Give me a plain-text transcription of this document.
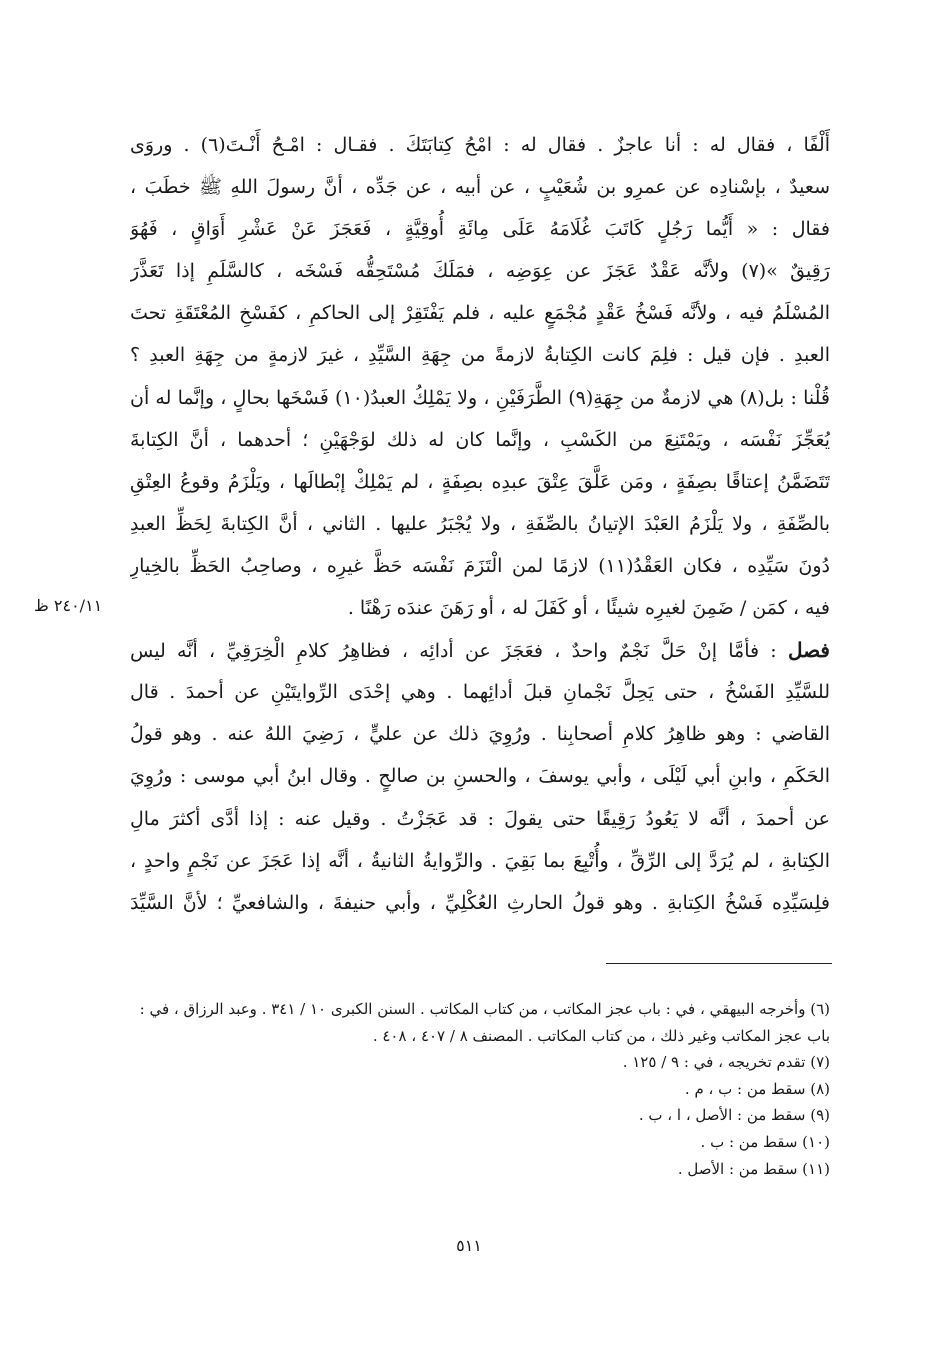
أَلْفًا ، فقال له : أنا عاجزٌ . فقال له : امْحُ كِتابَتَكَ . فقـال : امْـحُ أَنْـتَ(٦) . وروَى
سعيدٌ ، بإسْنادِه عن عمرِو بن شُعَيْبٍ ، عن أبيه ، عن جَدِّه ، أنَّ رسولَ اللهِ ﷺ خطَبَ ،
فقال : « أَيُّما رَجُلٍ كَاتَبَ غُلَامَهُ عَلَى مِائَةِ أُوقِيَّةٍ ، فَعَجَزَ عَنْ عَشْرِ أَوَاقٍ ، فَهُوَ
رَقِيقٌ »(٧) ولأنَّه عَقْدٌ عَجَزَ عن عِوَضِه ، فمَلَكَ مُسْتَحِقُّه فَسْخَه ، كالسَّلَمِ إذا تَعَذَّرَ
المُسْلَمُ فيه ، ولأنَّه فَسْخُ عَقْدٍ مُجْمَعٍ عليه ، فلم يَفْتَقِرْ إلى الحاكمِ ، كفَسْخِ المُعْتَقَةِ تحتَ
العبدِ . فإن قيل : فلِمَ كانت الكِتابةُ لازمةً من جِهَةِ السَّيِّدِ ، غيرَ لازمةٍ من جِهَةِ العبدِ ؟
قُلْنا : بل(٨) هي لازمةٌ من جِهَةِ(٩) الطَّرَفَيْنِ ، ولا يَمْلِكُ العبدُ(١٠) فَسْخَها بحالٍ ، وإنَّما له أن
يُعَجِّزَ نَفْسَه ، ويَمْتَنِعَ من الكَسْبِ ، وإنَّما كان له ذلك لوَجْهَيْنِ ؛ أحدهما ، أنَّ الكِتابةَ
تَتَضَمَّنُ إعتاقًا بصِفَةٍ ، ومَن عَلَّقَ عِتْقَ عبدِه بصِفَةٍ ، لم يَمْلِكْ إبْطالَها ، ويَلْزَمُ وقوعُ العِتْقِ
بالصِّفَةِ ، ولا يَلْزَمُ العَبْدَ الإتيانُ بالصِّفَةِ ، ولا يُجْبَرُ عليها . الثاني ، أنَّ الكِتابةَ لِحَظِّ العبدِ
دُونَ سَيِّدِه ، فكان العَقْدُ(١١) لازمًا لمن الْتَزَمَ نَفْسَه حَظَّ غيرِه ، وصاحِبُ الحَظِّ بالخِيارِ
فيه ، كمَن / ضَمِنَ لغيرِه شيئًا ، أو كَفَلَ له ، أو رَهَنَ عندَه رَهْنًا .
فصل : فأمَّا إنْ حَلَّ نَجْمٌ واحدٌ ، فعَجَزَ عن أدائِه ، فظاهِرُ كلامِ الْخِرَقِيِّ ، أنَّه ليس
للسَّيِّدِ الفَسْخُ ، حتى يَحِلَّ نَجْمانِ قبلَ أدائِهما . وهي إحْدَى الرِّوايتَيْنِ عن أحمدَ . قال
القاضي : وهو ظاهِرُ كلامِ أصحابِنا . ورُوِيَ ذلك عن عليٍّ ، رَضِيَ اللهُ عنه . وهو قولُ
الحَكَمِ ، وابنِ أبي لَيْلَى ، وأبي يوسفَ ، والحسنِ بن صالحٍ . وقال ابنُ أبي موسى : ورُوِيَ
عن أحمدَ ، أنَّه لا يَعُودُ رَقِيقًا حتى يقولَ : قد عَجَزْتُ . وقيل عنه : إذا أدَّى أكثرَ مالِ
الكِتابةِ ، لم يُرَدَّ إلى الرِّقِّ ، وأُتْبِعَ بما بَقِيَ . والرِّوايةُ الثانيةُ ، أنَّه إذا عَجَزَ عن نَجْمٍ واحدٍ ،
فلِسَيِّدِه فَسْخُ الكِتابةِ . وهو قولُ الحارثِ العُكْلِيِّ ، وأبي حنيفةَ ، والشافعيِّ ؛ لأنَّ السَّيِّدَ
٢٤٠/١١ ظ
(٦) وأخرجه البيهقي ، في : باب عجز المكاتب ، من كتاب المكاتب . السنن الكبرى ١٠ / ٣٤١ . وعبد الرزاق ، في :
باب عجز المكاتب وغير ذلك ، من كتاب المكاتب . المصنف ٨ / ٤٠٧ ، ٤٠٨ .
(٧) تقدم تخريجه ، في : ٩ / ١٢٥ .
(٨) سقط من : ب ، م .
(٩) سقط من : الأصل ، ا ، ب .
(١٠) سقط من : ب .
(١١) سقط من : الأصل .
٥١١
